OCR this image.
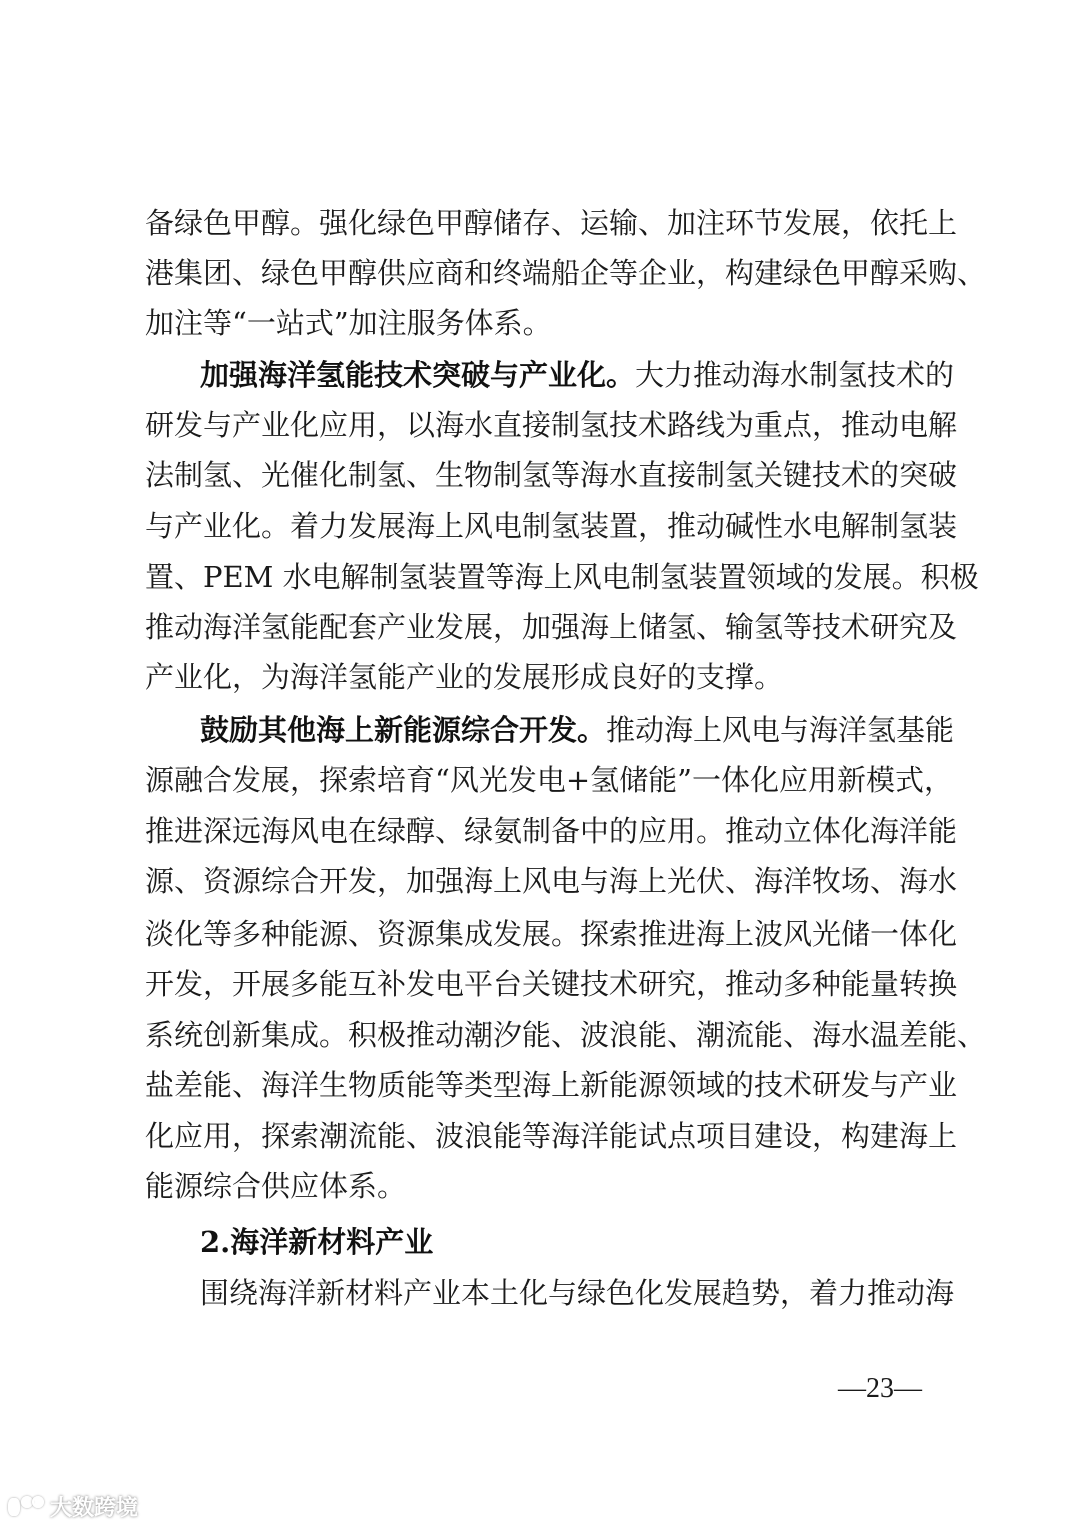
备绿色甲醇。强化绿色甲醇储存、运输、加注环节发展，依托上
港集团、绿色甲醇供应商和终端船企等企业，构建绿色甲醇采购、
加注等“一站式”加注服务体系。
加强海洋氢能技术突破与产业化。大力推动海水制氢技术的
研发与产业化应用，以海水直接制氢技术路线为重点，推动电解
法制氢、光催化制氢、生物制氢等海水直接制氢关键技术的突破
与产业化。着力发展海上风电制氢装置，推动碱性水电解制氢装
置、PEM 水电解制氢装置等海上风电制氢装置领域的发展。积极
推动海洋氢能配套产业发展，加强海上储氢、输氢等技术研究及
产业化，为海洋氢能产业的发展形成良好的支撑。
鼓励其他海上新能源综合开发。推动海上风电与海洋氢基能
源融合发展，探索培育“风光发电+氢储能”一体化应用新模式，
推进深远海风电在绿醇、绿氨制备中的应用。推动立体化海洋能
源、资源综合开发，加强海上风电与海上光伏、海洋牧场、海水
淡化等多种能源、资源集成发展。探索推进海上波风光储一体化
开发，开展多能互补发电平台关键技术研究，推动多种能量转换
系统创新集成。积极推动潮汐能、波浪能、潮流能、海水温差能、
盐差能、海洋生物质能等类型海上新能源领域的技术研发与产业
化应用，探索潮流能、波浪能等海洋能试点项目建设，构建海上
能源综合供应体系。
2.海洋新材料产业
围绕海洋新材料产业本土化与绿色化发展趋势，着力推动海
—23—
大数跨境
